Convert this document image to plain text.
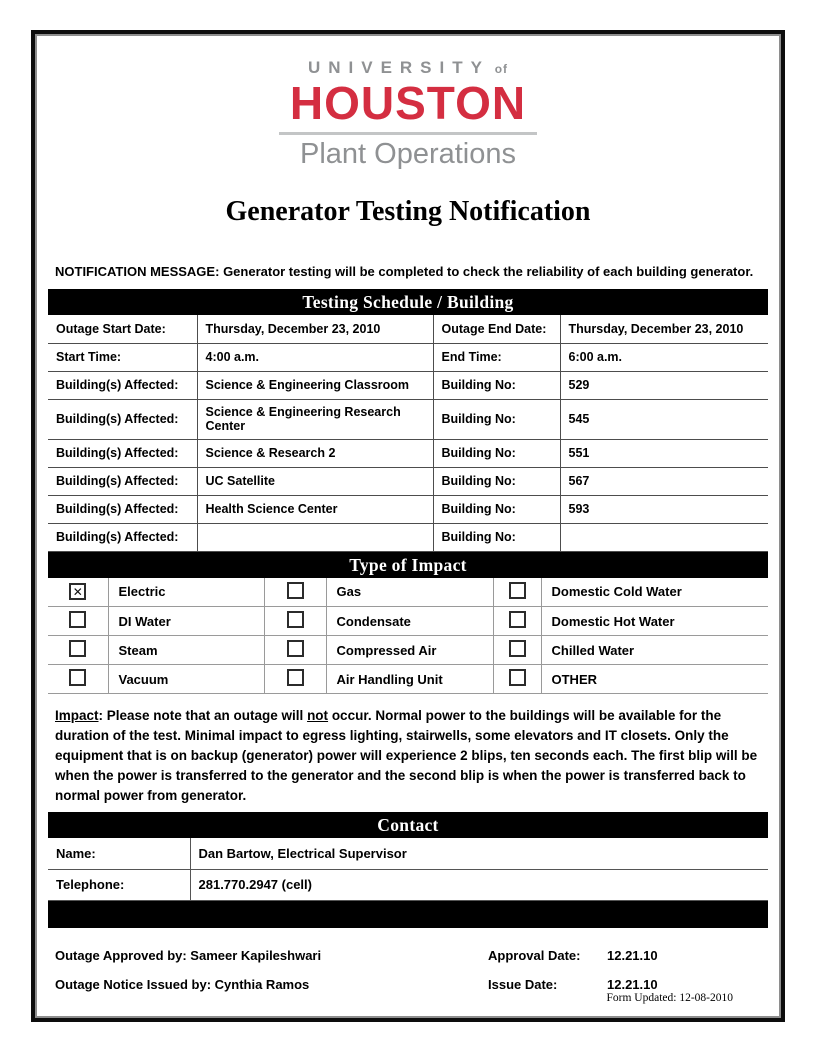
UNIVERSITY of
HOUSTON
Plant Operations
Generator Testing Notification
NOTIFICATION MESSAGE: Generator testing will be completed to check the reliability of each building generator.
Testing Schedule / Building
Outage Start Date:	Thursday, December 23, 2010	Outage End Date:	Thursday, December 23, 2010
Start Time:	4:00 a.m.	End Time:	6:00 a.m.
Building(s) Affected:	Science & Engineering Classroom	Building No:	529
Building(s) Affected:	Science & Engineering Research Center	Building No:	545
Building(s) Affected:	Science & Research 2	Building No:	551
Building(s) Affected:	UC Satellite	Building No:	567
Building(s) Affected:	Health Science Center	Building No:	593
Building(s) Affected:		Building No:	
Type of Impact
✕	Electric		Gas		Domestic Cold Water
	DI Water		Condensate		Domestic Hot Water
	Steam		Compressed Air		Chilled Water
	Vacuum		Air Handling Unit		OTHER
Impact: Please note that an outage will not occur. Normal power to the buildings will be available for the duration of the test. Minimal impact to egress lighting, stairwells, some elevators and IT closets. Only the equipment that is on backup (generator) power will experience 2 blips, ten seconds each. The first blip will be when the power is transferred to the generator and the second blip is when the power is transferred back to normal power from generator.
Contact
Name:	Dan Bartow, Electrical Supervisor
Telephone:	281.770.2947 (cell)
Outage Approved by: Sameer Kapileshwari	Approval Date:	12.21.10
Outage Notice Issued by: Cynthia Ramos	Issue Date:	12.21.10
Form Updated: 12-08-2010
